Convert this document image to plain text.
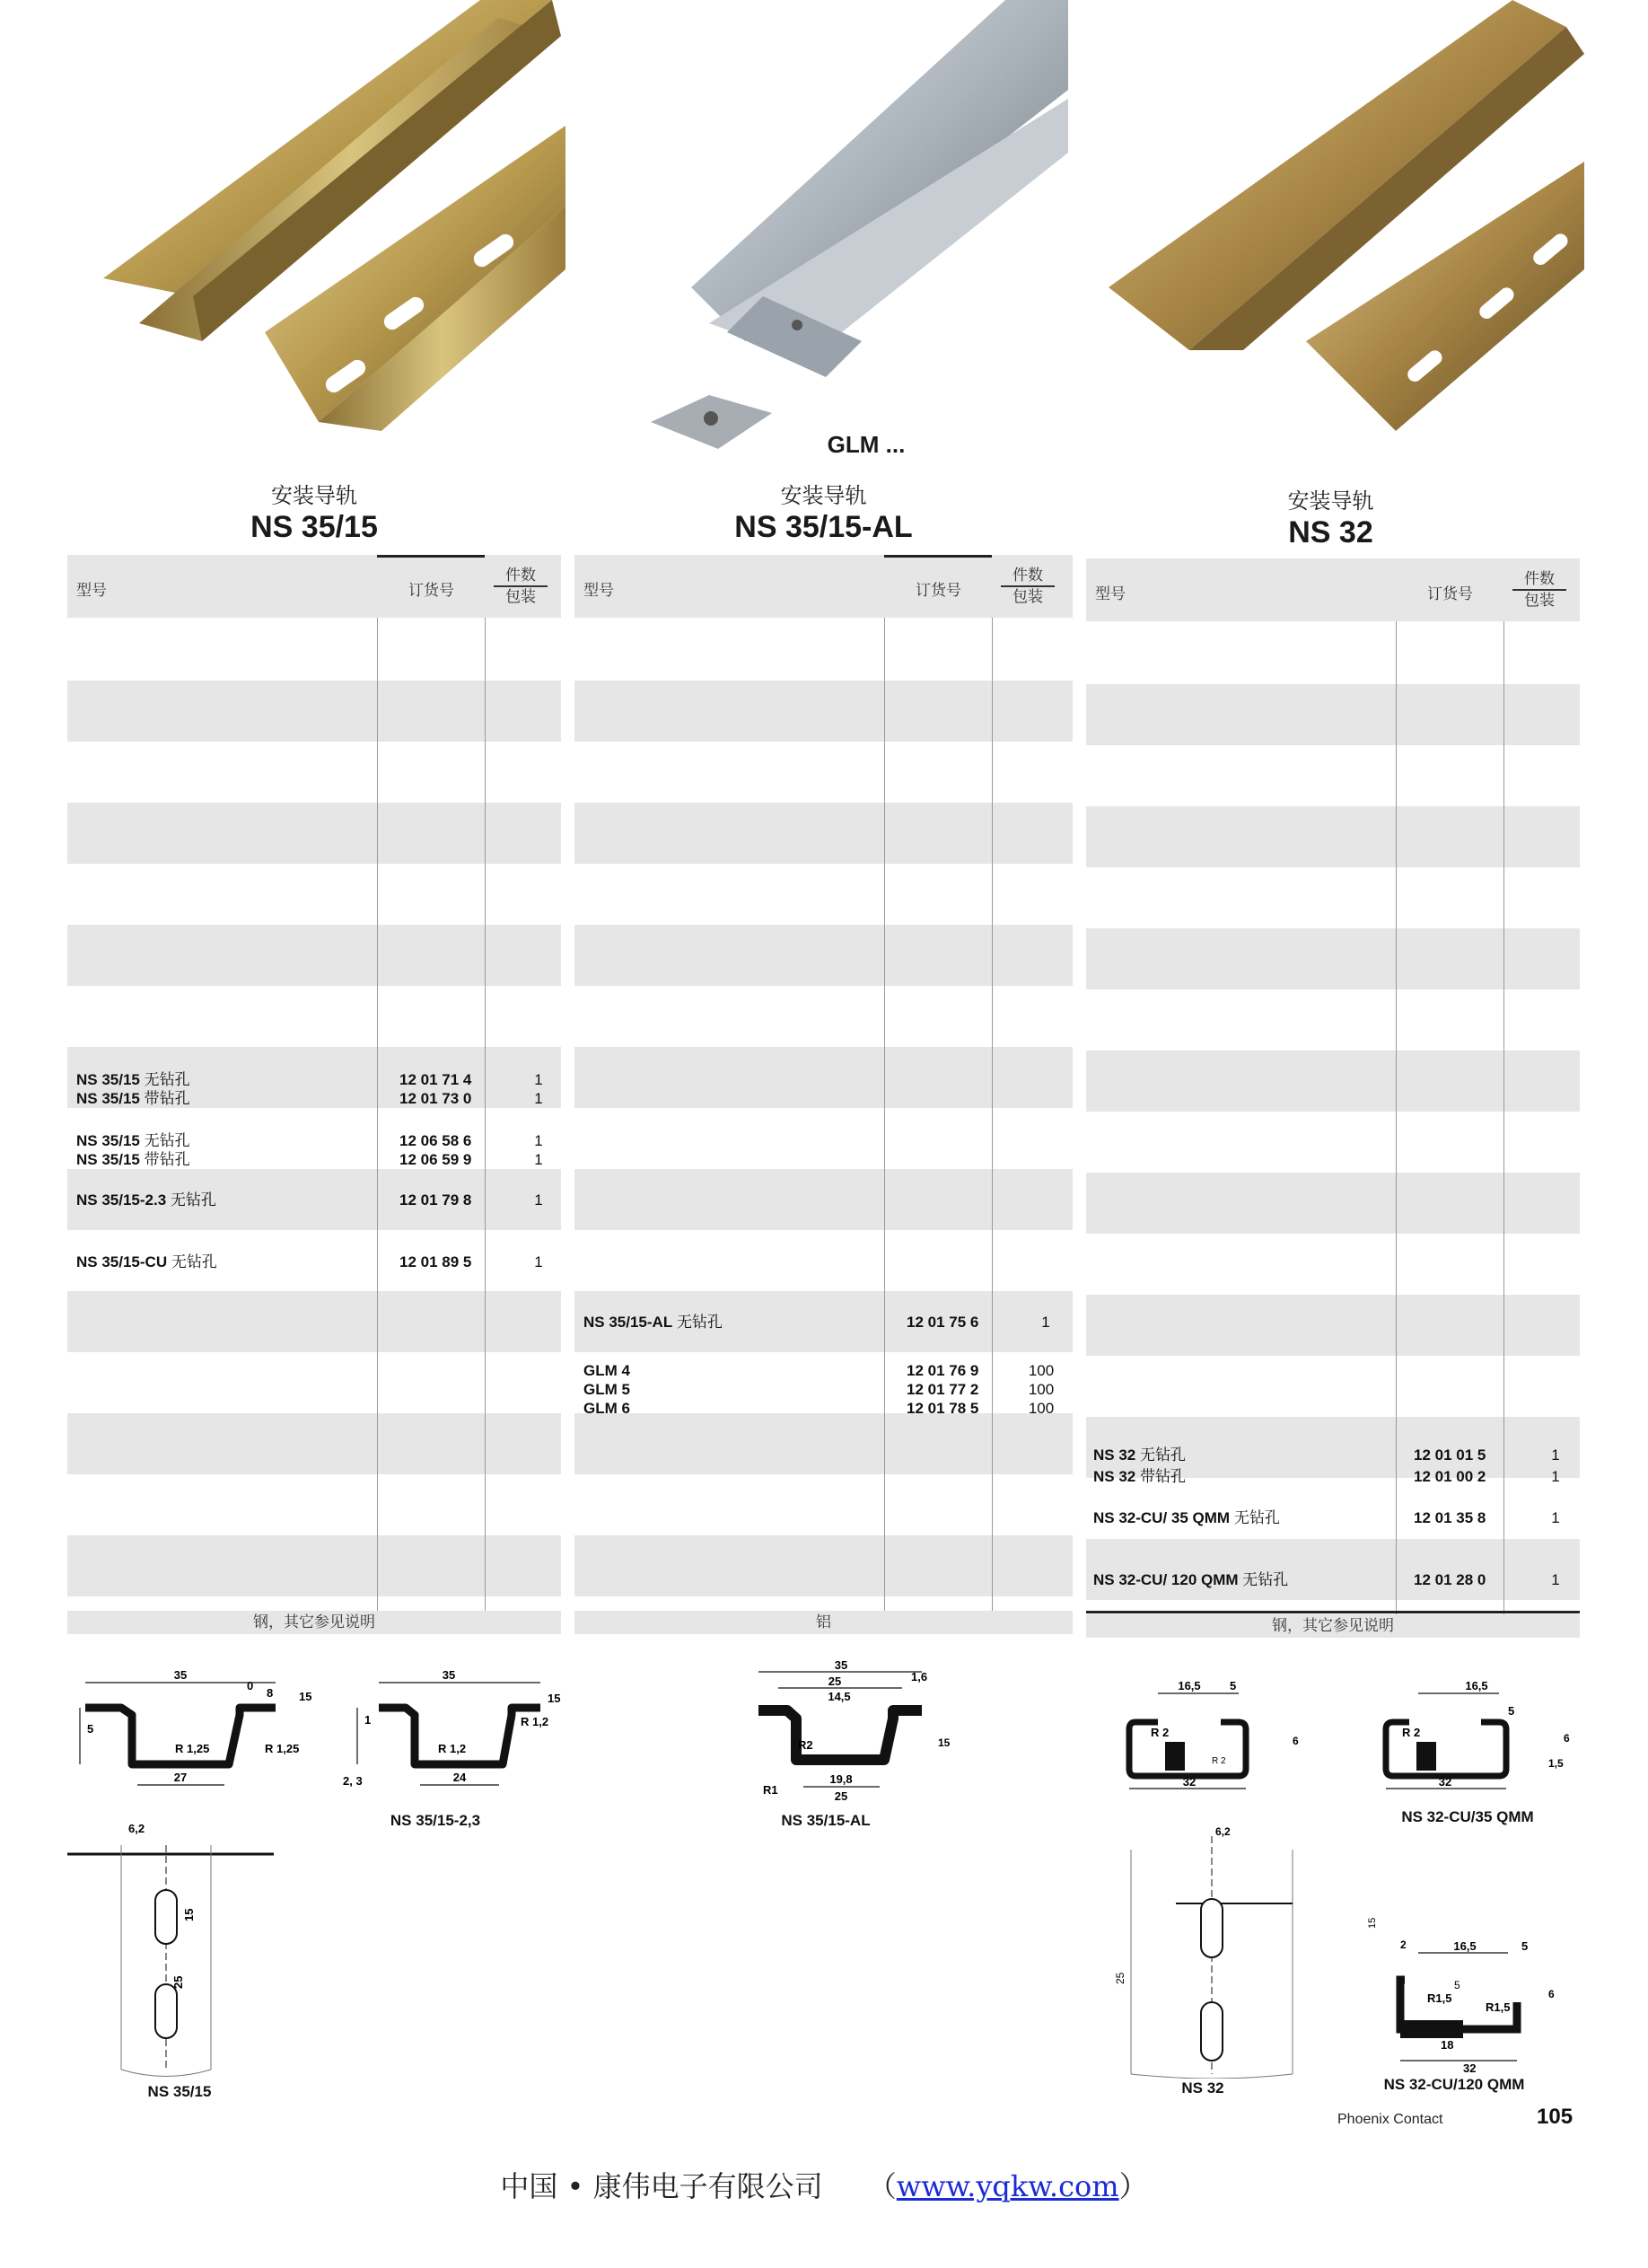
GLM ...
安装导轨
NS 35/15
安装导轨
NS 35/15-AL
安装导轨
NS 32
型号	订货号
件数
包装
钢，其它参见说明
NS 35/15 无钻孔	12 01 71 4	1
NS 35/15 带钻孔	12 01 73 0	1
NS 35/15 无钻孔	12 06 58 6	1
NS 35/15 带钻孔	12 06 59 9	1
NS 35/15-2.3 无钻孔	12 01 79 8	1
NS 35/15-CU 无钻孔	12 01 89 5	1
型号	订货号
件数
包装
铝
NS 35/15-AL 无钻孔	12 01 75 6	1
GLM 4	12 01 76 9	100
GLM 5	12 01 77 2	100
GLM 6	12 01 78 5	100
型号	订货号
件数
包装
钢，其它参见说明
NS 32 无钻孔	12 01 01 5	1
NS 32 带钻孔	12 01 00 2	1
NS 32-CU/ 35 QMM 无钻孔	12 01 35 8	1
NS 32-CU/ 120 QMM 无钻孔	12 01 28 0	1
35
27
5
8 15
0
R 1,25	R 1,25
35
24
15
1
2, 3
R 1,2
R 1,2
NS 35/15-2,3
6,2
15
25
NS 35/15
35
25
14,5
1,6
19,8
25
R2
R1
15
NS 35/15-AL
16,5 5
R 2
32
6
R 2
16,5
5
R 2
32
1,5
6
NS 32-CU/35 QMM
6,2
25
NS 32
2	16,5	5
R1,5
R1,5
18
32
15
5
6
NS 32-CU/120 QMM
Phoenix Contact	105
中国 • 康伟电子有限公司 （www.yqkw.com）
